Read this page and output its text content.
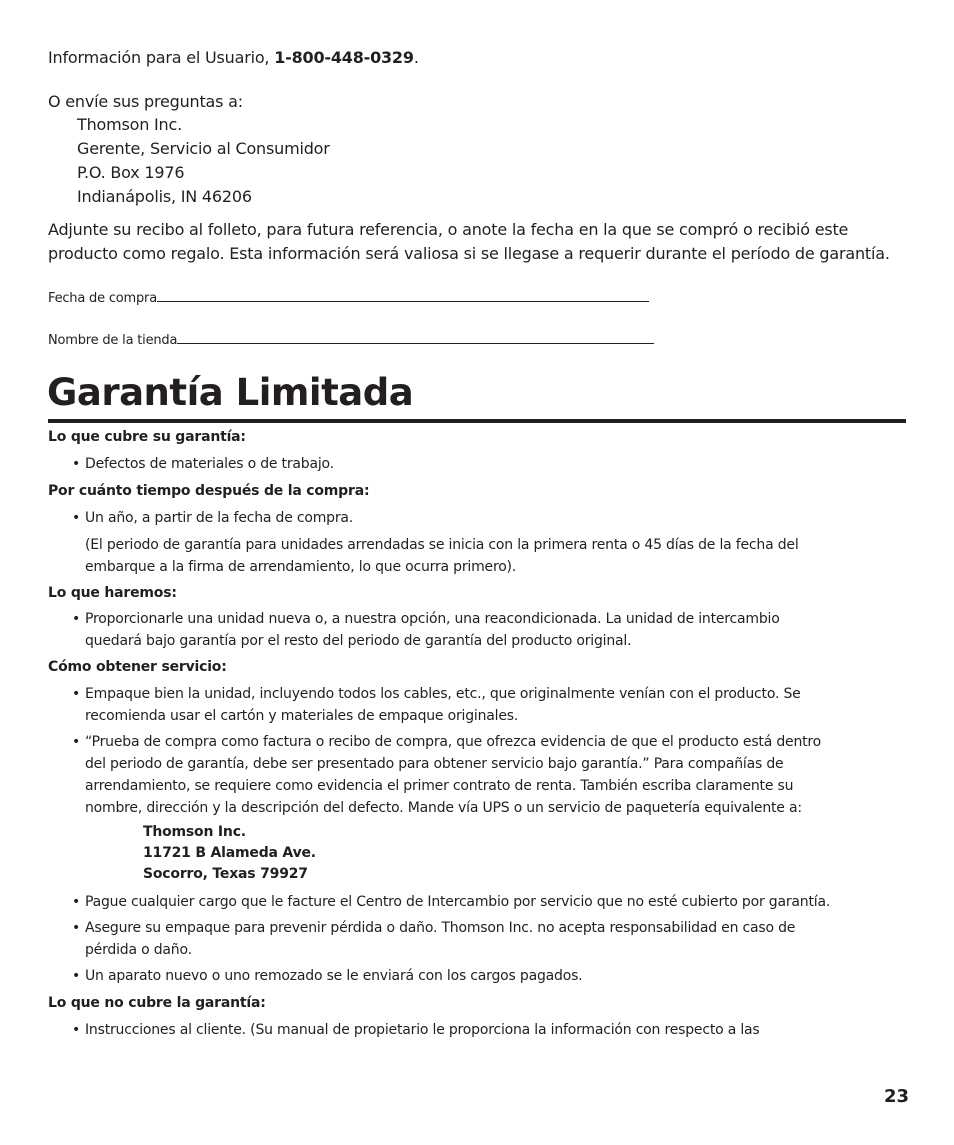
Información para el Usuario, 1-800-448-0329.
O envíe sus preguntas a:
Thomson Inc.
Gerente, Servicio al Consumidor
P.O. Box 1976
Indianápolis, IN 46206
Adjunte su recibo al folleto, para futura referencia, o anote la fecha en la que se compró o recibió este
producto como regalo. Esta información será valiosa si se llegase a requerir durante el período de garantía.
Fecha de compra
Nombre de la tienda
Garantía Limitada
Lo que cubre su garantía:
• Defectos de materiales o de trabajo.
Por cuánto tiempo después de la compra:
• Un año, a partir de la fecha de compra.
(El periodo de garantía para unidades arrendadas se inicia con la primera renta o 45 días de la fecha del
embarque a la firma de arrendamiento, lo que ocurra primero).
Lo que haremos:
• Proporcionarle una unidad nueva o, a nuestra opción, una reacondicionada. La unidad de intercambio
quedará bajo garantía por el resto del periodo de garantía del producto original.
Cómo obtener servicio:
• Empaque bien la unidad, incluyendo todos los cables, etc., que originalmente venían con el producto. Se
recomienda usar el cartón y materiales de empaque originales.
• “Prueba de compra como factura o recibo de compra, que ofrezca evidencia de que el producto está dentro
del periodo de garantía, debe ser presentado para obtener servicio bajo garantía.” Para compañías de
arrendamiento, se requiere como evidencia el primer contrato de renta. También escriba claramente su
nombre, dirección y la descripción del defecto. Mande vía UPS o un servicio de paquetería equivalente a:
Thomson Inc.
11721 B Alameda Ave.
Socorro, Texas 79927
• Pague cualquier cargo que le facture el Centro de Intercambio por servicio que no esté cubierto por garantía.
• Asegure su empaque para prevenir pérdida o daño. Thomson Inc. no acepta responsabilidad en caso de
pérdida o daño.
• Un aparato nuevo o uno remozado se le enviará con los cargos pagados.
Lo que no cubre la garantía:
• Instrucciones al cliente. (Su manual de propietario le proporciona la información con respecto a las
23
